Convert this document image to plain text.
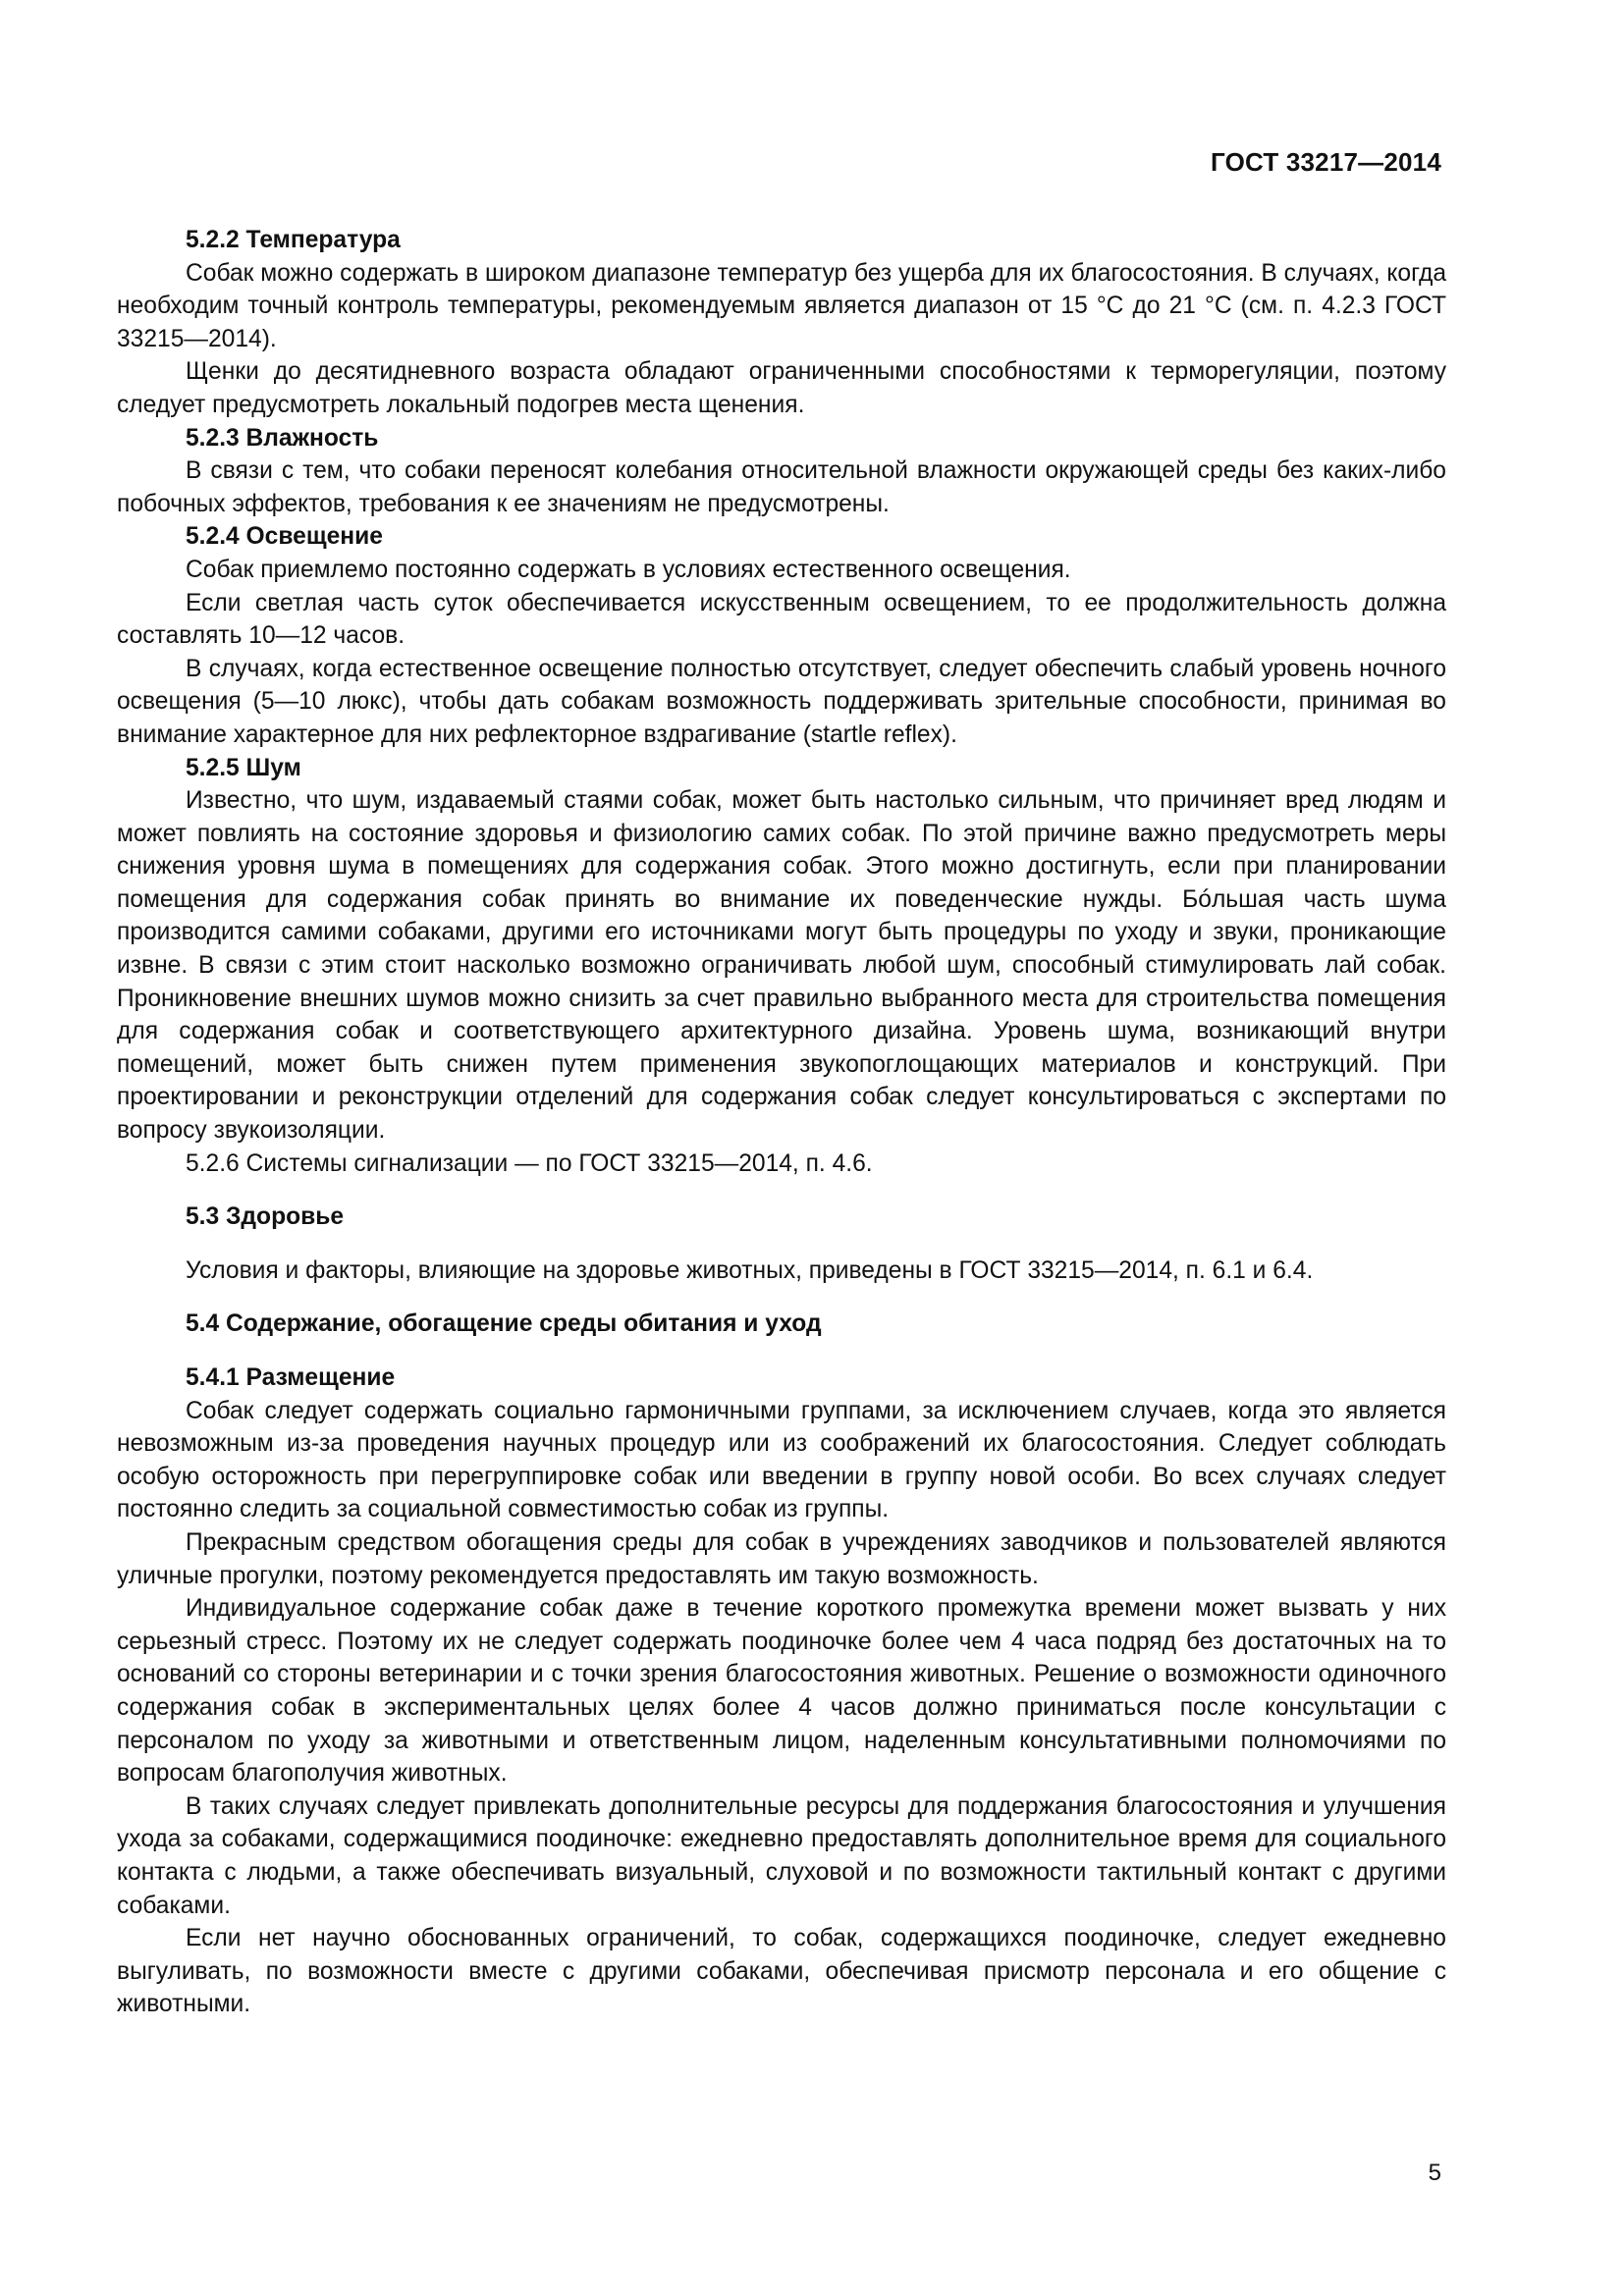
ГОСТ 33217—2014

5.2.2 Температура

Собак можно содержать в широком диапазоне температур без ущерба для их благосостояния. В случаях, когда необходим точный контроль температуры, рекомендуемым является диапазон от 15 °С до 21 °С (см. п. 4.2.3 ГОСТ 33215—2014).

Щенки до десятидневного возраста обладают ограниченными способностями к терморегуляции, поэтому следует предусмотреть локальный подогрев места щенения.

5.2.3 Влажность

В связи с тем, что собаки переносят колебания относительной влажности окружающей среды без каких-либо побочных эффектов, требования к ее значениям не предусмотрены.

5.2.4 Освещение

Собак приемлемо постоянно содержать в условиях естественного освещения.

Если светлая часть суток обеспечивается искусственным освещением, то ее продолжительность должна составлять 10—12 часов.

В случаях, когда естественное освещение полностью отсутствует, следует обеспечить слабый уровень ночного освещения (5—10 люкс), чтобы дать собакам возможность поддерживать зрительные способности, принимая во внимание характерное для них рефлекторное вздрагивание (startle reflex).

5.2.5 Шум

Известно, что шум, издаваемый стаями собак, может быть настолько сильным, что причиняет вред людям и может повлиять на состояние здоровья и физиологию самих собак. По этой причине важно предусмотреть меры снижения уровня шума в помещениях для содержания собак. Этого можно достигнуть, если при планировании помещения для содержания собак принять во внимание их поведенческие нужды. Бóльшая часть шума производится самими собаками, другими его источниками могут быть процедуры по уходу и звуки, проникающие извне. В связи с этим стоит насколько возможно ограничивать любой шум, способный стимулировать лай собак. Проникновение внешних шумов можно снизить за счет правильно выбранного места для строительства помещения для содержания собак и соответствующего архитектурного дизайна. Уровень шума, возникающий внутри помещений, может быть снижен путем применения звукопоглощающих материалов и конструкций. При проектировании и реконструкции отделений для содержания собак следует консультироваться с экспертами по вопросу звукоизоляции.

5.2.6 Системы сигнализации — по ГОСТ 33215—2014, п. 4.6.

5.3 Здоровье

Условия и факторы, влияющие на здоровье животных, приведены в ГОСТ 33215—2014, п. 6.1 и 6.4.

5.4 Содержание, обогащение среды обитания и уход

5.4.1 Размещение

Собак следует содержать социально гармоничными группами, за исключением случаев, когда это является невозможным из-за проведения научных процедур или из соображений их благосостояния. Следует соблюдать особую осторожность при перегруппировке собак или введении в группу новой особи. Во всех случаях следует постоянно следить за социальной совместимостью собак из группы.

Прекрасным средством обогащения среды для собак в учреждениях заводчиков и пользователей являются уличные прогулки, поэтому рекомендуется предоставлять им такую возможность.

Индивидуальное содержание собак даже в течение короткого промежутка времени может вызвать у них серьезный стресс. Поэтому их не следует содержать поодиночке более чем 4 часа подряд без достаточных на то оснований со стороны ветеринарии и с точки зрения благосостояния животных. Решение о возможности одиночного содержания собак в экспериментальных целях более 4 часов должно приниматься после консультации с персоналом по уходу за животными и ответственным лицом, наделенным консультативными полномочиями по вопросам благополучия животных.

В таких случаях следует привлекать дополнительные ресурсы для поддержания благосостояния и улучшения ухода за собаками, содержащимися поодиночке: ежедневно предоставлять дополнительное время для социального контакта с людьми, а также обеспечивать визуальный, слуховой и по возможности тактильный контакт с другими собаками.

Если нет научно обоснованных ограничений, то собак, содержащихся поодиночке, следует ежедневно выгуливать, по возможности вместе с другими собаками, обеспечивая присмотр персонала и его общение с животными.

5
